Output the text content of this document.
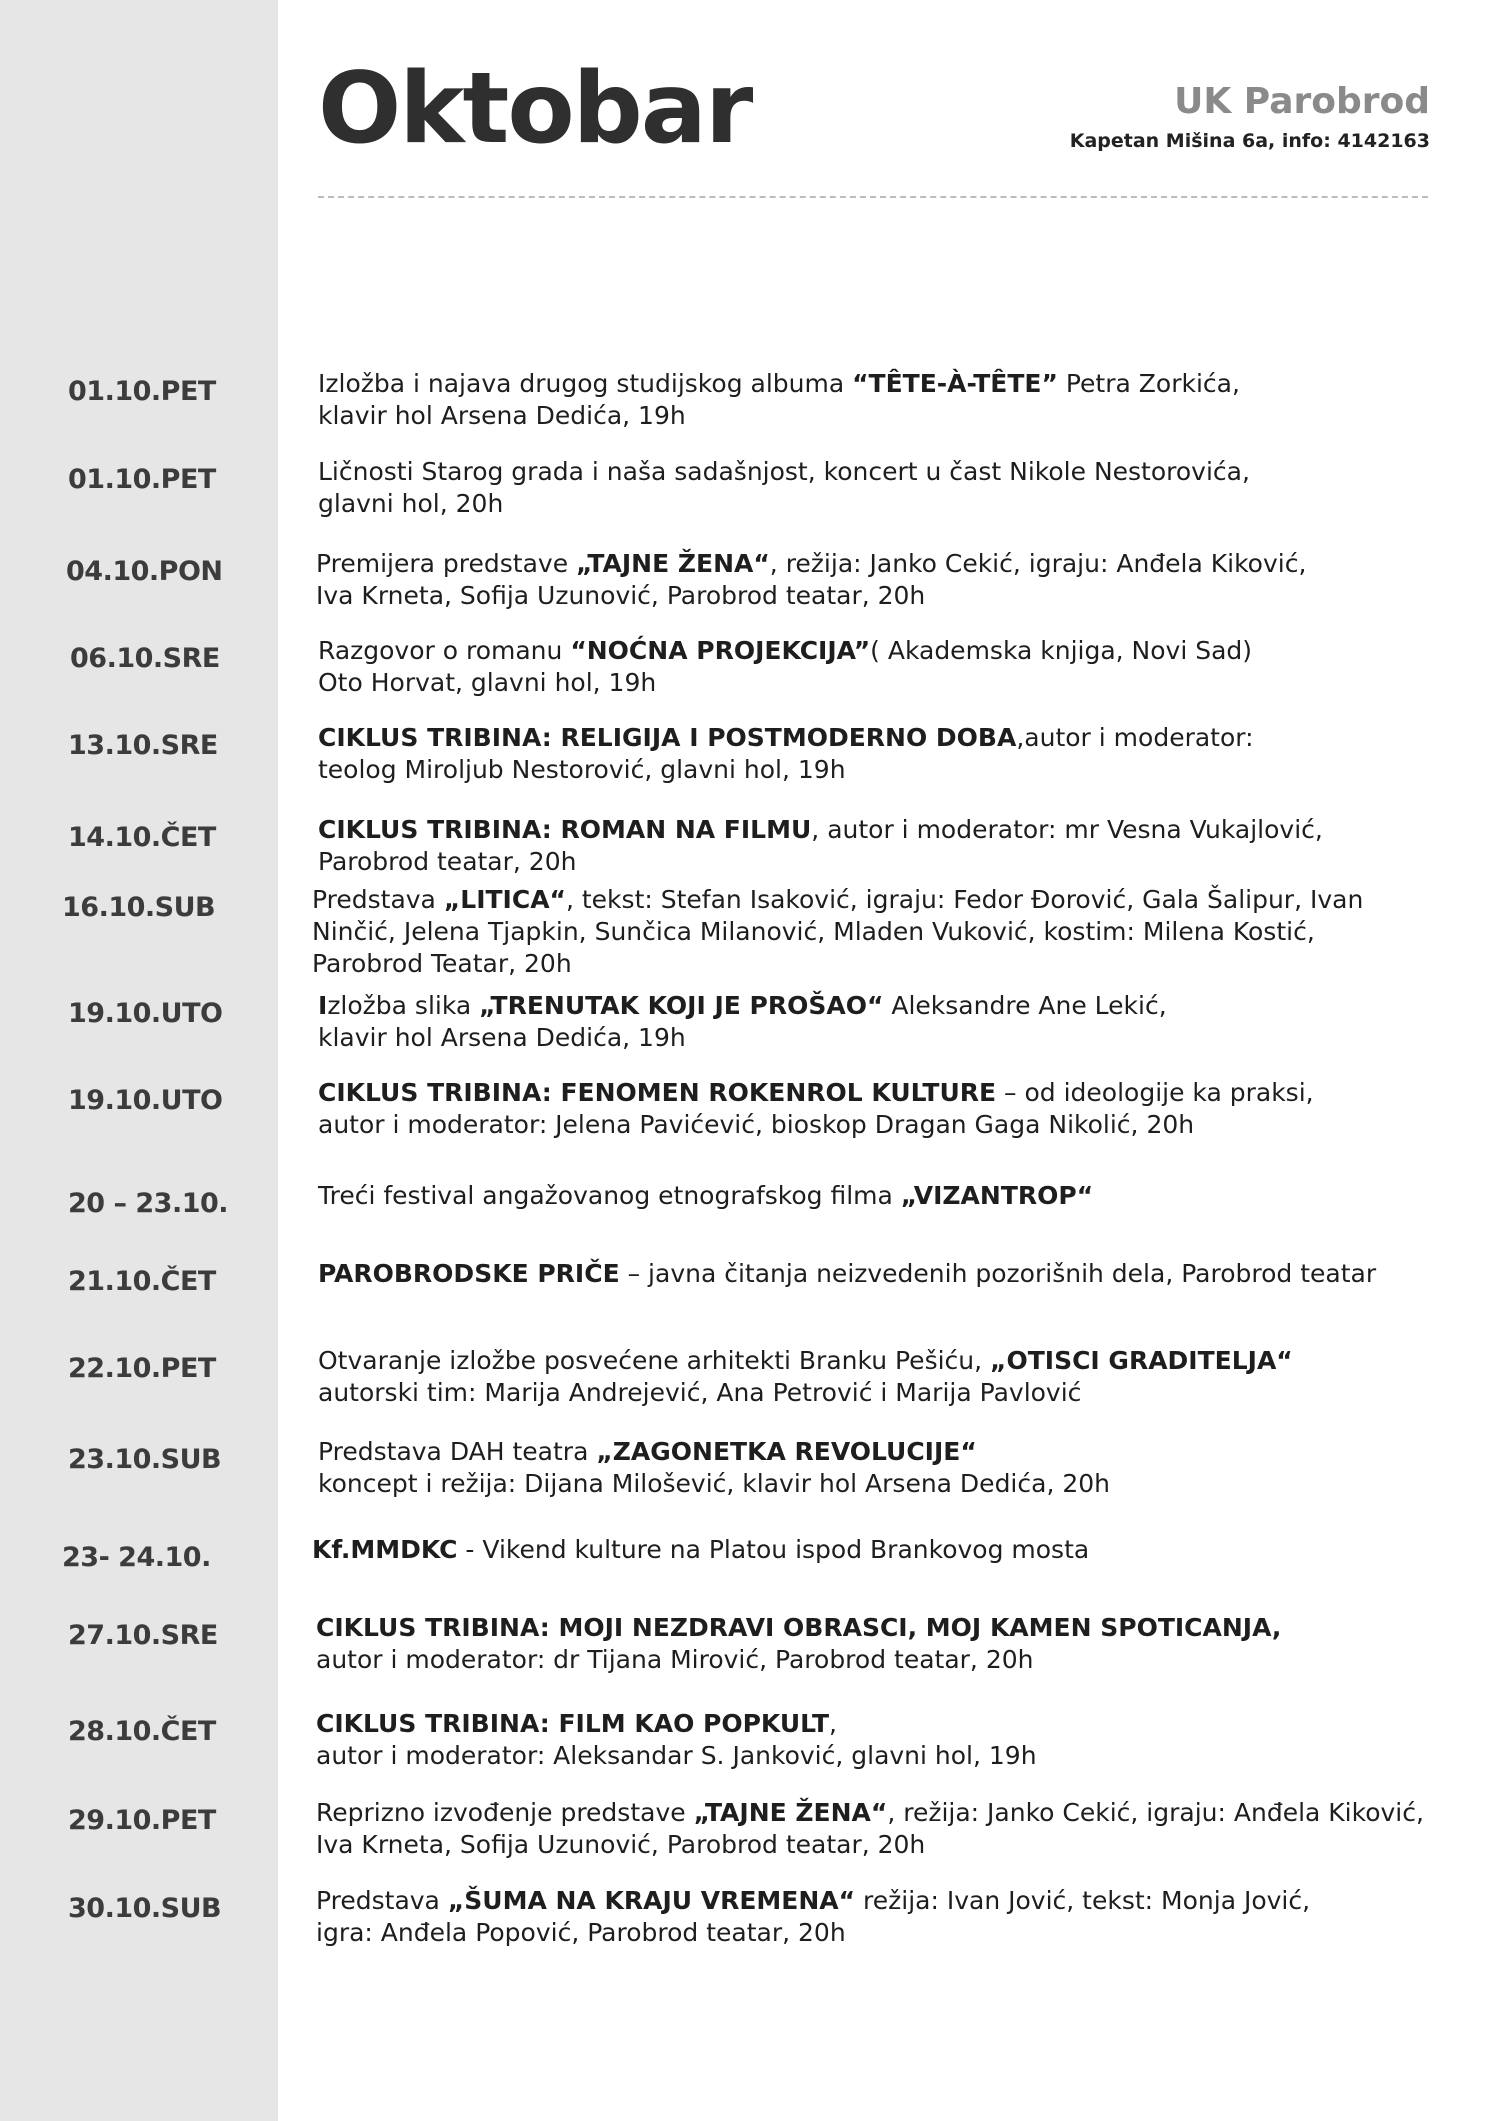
Oktobar	UK Parobrod
Kapetan Mišina 6a, info: 4142163
01.10.PET	Izložba i najava drugog studijskog albuma “TÊTE-À-TÊTE” Petra Zorkića,
klavir hol Arsena Dedića, 19h
01.10.PET	Ličnosti Starog grada i naša sadašnjost, koncert u čast Nikole Nestorovića,
glavni hol, 20h
04.10.PON	Premijera predstave „TAJNE ŽENA“, režija: Janko Cekić, igraju: Anđela Kiković,
Iva Krneta, Sofija Uzunović, Parobrod teatar, 20h
06.10.SRE	Razgovor o romanu “NOĆNA PROJEKCIJA”( Akademska knjiga, Novi Sad)
Oto Horvat, glavni hol, 19h
13.10.SRE	CIKLUS TRIBINA: RELIGIJA I POSTMODERNO DOBA,autor i moderator:
teolog Miroljub Nestorović, glavni hol, 19h
14.10.ČET	CIKLUS TRIBINA: ROMAN NA FILMU, autor i moderator: mr Vesna Vukajlović,
Parobrod teatar, 20h
16.10.SUB	Predstava „LITICA“, tekst: Stefan Isaković, igraju: Fedor Đorović, Gala Šalipur, Ivan
Ninčić, Jelena Tjapkin, Sunčica Milanović, Mladen Vuković, kostim: Milena Kostić,
Parobrod Teatar, 20h
19.10.UTO	Izložba slika „TRENUTAK KOJI JE PROŠAO“ Aleksandre Ane Lekić,
klavir hol Arsena Dedića, 19h
19.10.UTO	CIKLUS TRIBINA: FENOMEN ROKENROL KULTURE – od ideologije ka praksi,
autor i moderator: Jelena Pavićević, bioskop Dragan Gaga Nikolić, 20h
20 – 23.10.	Treći festival angažovanog etnografskog filma „VIZANTROP“
21.10.ČET	PAROBRODSKE PRIČE – javna čitanja neizvedenih pozorišnih dela, Parobrod teatar
22.10.PET	Otvaranje izložbe posvećene arhitekti Branku Pešiću, „OTISCI GRADITELJA“
autorski tim: Marija Andrejević, Ana Petrović i Marija Pavlović
23.10.SUB	Predstava DAH teatra „ZAGONETKA REVOLUCIJE“
koncept i režija: Dijana Milošević, klavir hol Arsena Dedića, 20h
23- 24.10.	Kf.MMDKC - Vikend kulture na Platou ispod Brankovog mosta
27.10.SRE	CIKLUS TRIBINA: MOJI NEZDRAVI OBRASCI, MOJ KAMEN SPOTICANJA,
autor i moderator: dr Tijana Mirović, Parobrod teatar, 20h
28.10.ČET	CIKLUS TRIBINA: FILM KAO POPKULT,
autor i moderator: Aleksandar S. Janković, glavni hol, 19h
29.10.PET	Reprizno izvođenje predstave „TAJNE ŽENA“, režija: Janko Cekić, igraju: Anđela Kiković,
Iva Krneta, Sofija Uzunović, Parobrod teatar, 20h
30.10.SUB	Predstava „ŠUMA NA KRAJU VREMENA“ režija: Ivan Jović, tekst: Monja Jović,
igra: Anđela Popović, Parobrod teatar, 20h
